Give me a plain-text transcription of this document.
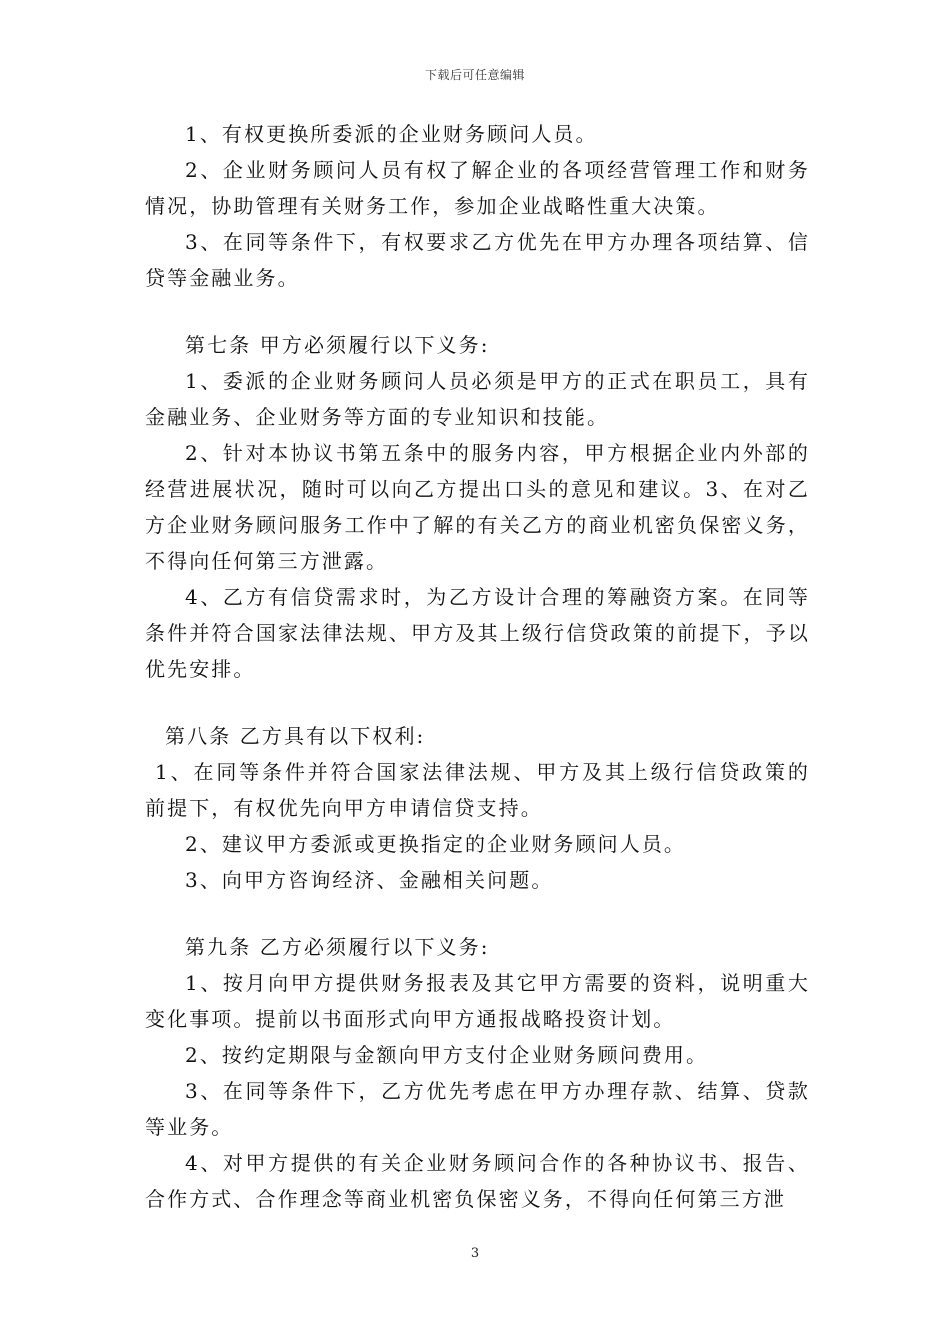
下载后可任意编辑

1、有权更换所委派的企业财务顾问人员。

2、企业财务顾问人员有权了解企业的各项经营管理工作和财务情况，协助管理有关财务工作，参加企业战略性重大决策。

3、在同等条件下，有权要求乙方优先在甲方办理各项结算、信贷等金融业务。

第七条 甲方必须履行以下义务:

1、委派的企业财务顾问人员必须是甲方的正式在职员工，具有金融业务、企业财务等方面的专业知识和技能。

2、针对本协议书第五条中的服务内容，甲方根据企业内外部的经营进展状况，随时可以向乙方提出口头的意见和建议。3、在对乙方企业财务顾问服务工作中了解的有关乙方的商业机密负保密义务，不得向任何第三方泄露。

4、乙方有信贷需求时，为乙方设计合理的筹融资方案。在同等条件并符合国家法律法规、甲方及其上级行信贷政策的前提下，予以优先安排。

第八条 乙方具有以下权利:

1、在同等条件并符合国家法律法规、甲方及其上级行信贷政策的前提下，有权优先向甲方申请信贷支持。

2、建议甲方委派或更换指定的企业财务顾问人员。

3、向甲方咨询经济、金融相关问题。

第九条 乙方必须履行以下义务:

1、按月向甲方提供财务报表及其它甲方需要的资料，说明重大变化事项。提前以书面形式向甲方通报战略投资计划。

2、按约定期限与金额向甲方支付企业财务顾问费用。

3、在同等条件下，乙方优先考虑在甲方办理存款、结算、贷款等业务。

4、对甲方提供的有关企业财务顾问合作的各种协议书、报告、合作方式、合作理念等商业机密负保密义务，不得向任何第三方泄

3
